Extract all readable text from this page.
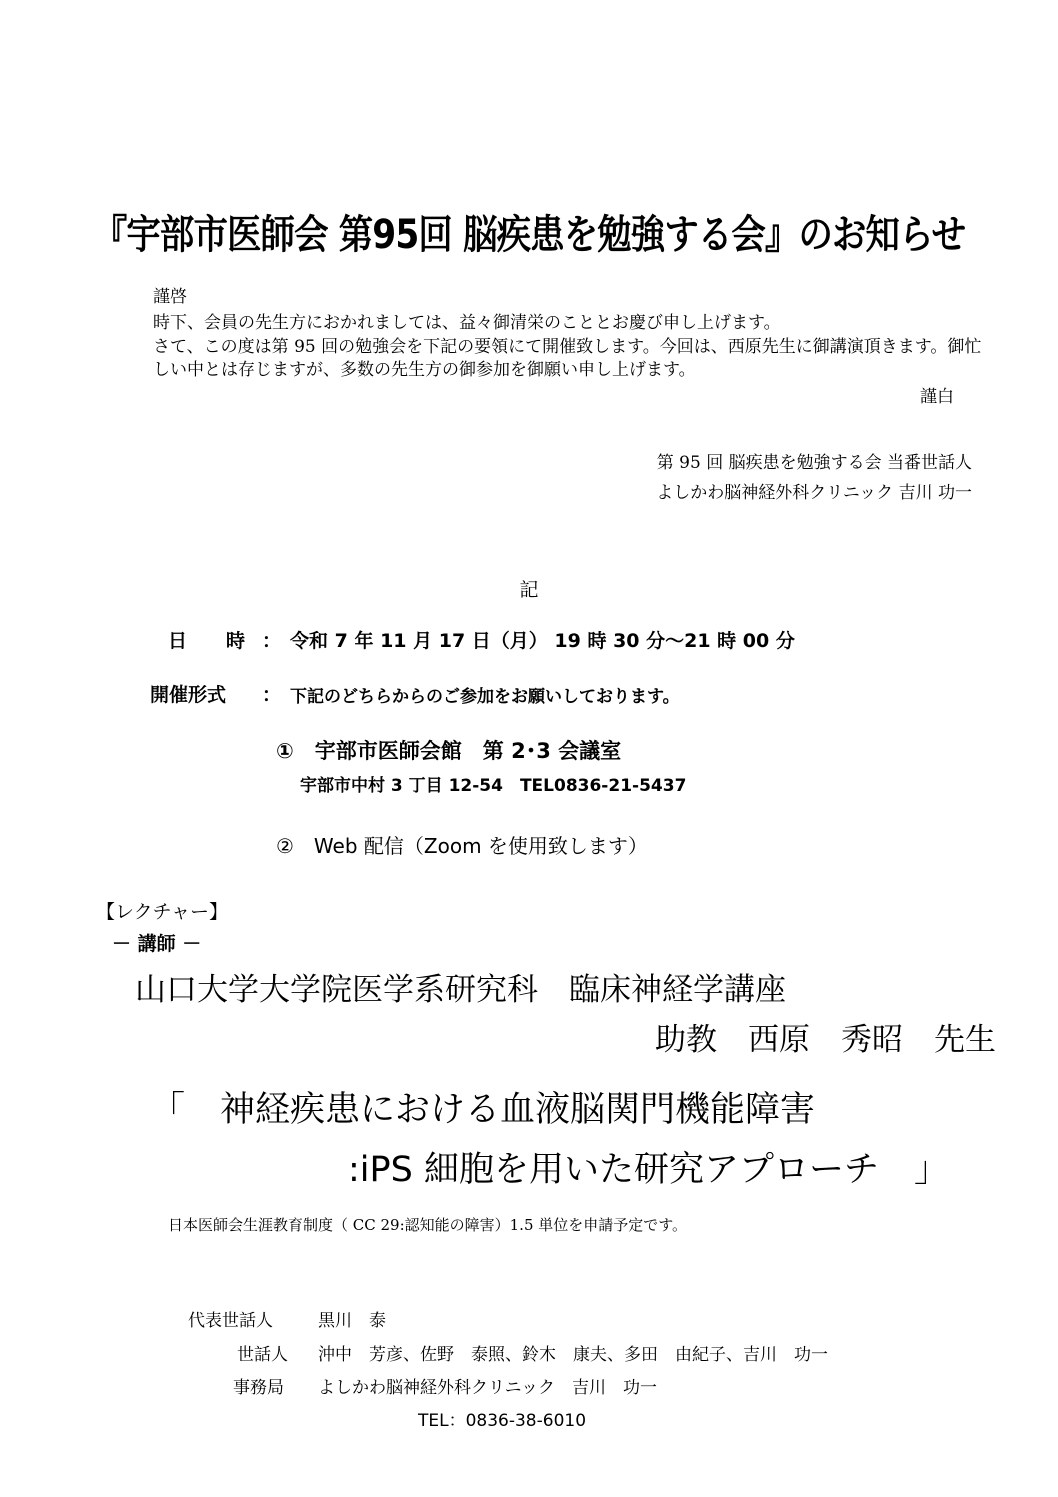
『宇部市医師会 第95回 脳疾患を勉強する会』のお知らせ
謹啓
時下、会員の先生方におかれましては、益々御清栄のこととお慶び申し上げます。
さて、この度は第 95 回の勉強会を下記の要領にて開催致します。今回は、西原先生に御講演頂きます。御忙しい中とは存じますが、多数の先生方の御参加を御願い申し上げます。
謹白
第 95 回 脳疾患を勉強する会 当番世話人
よしかわ脳神経外科クリニック 吉川 功一
記
日　時 ： 令和 7 年 11 月 17 日（月） 19 時 30 分～21 時 00 分
開催形式 ： 下記のどちらからのご参加をお願いしております。
①　宇部市医師会館　第 2･3 会議室
宇部市中村 3 丁目 12-54　TEL0836-21-5437
②　Web 配信（Zoom を使用致します）
【レクチャー】
－ 講師 －
山口大学大学院医学系研究科　臨床神経学講座
助教　西原　秀昭　先生
「　神経疾患における血液脳関門機能障害
:iPS 細胞を用いた研究アプローチ　」
日本医師会生涯教育制度（ CC 29:認知能の障害）1.5 単位を申請予定です。
代表世話人	黒川　泰
世話人 沖中　芳彦、佐野　泰照、鈴木　康夫、多田　由紀子、吉川　功一
事務局 よしかわ脳神経外科クリニック　吉川　功一
TEL：0836-38-6010
